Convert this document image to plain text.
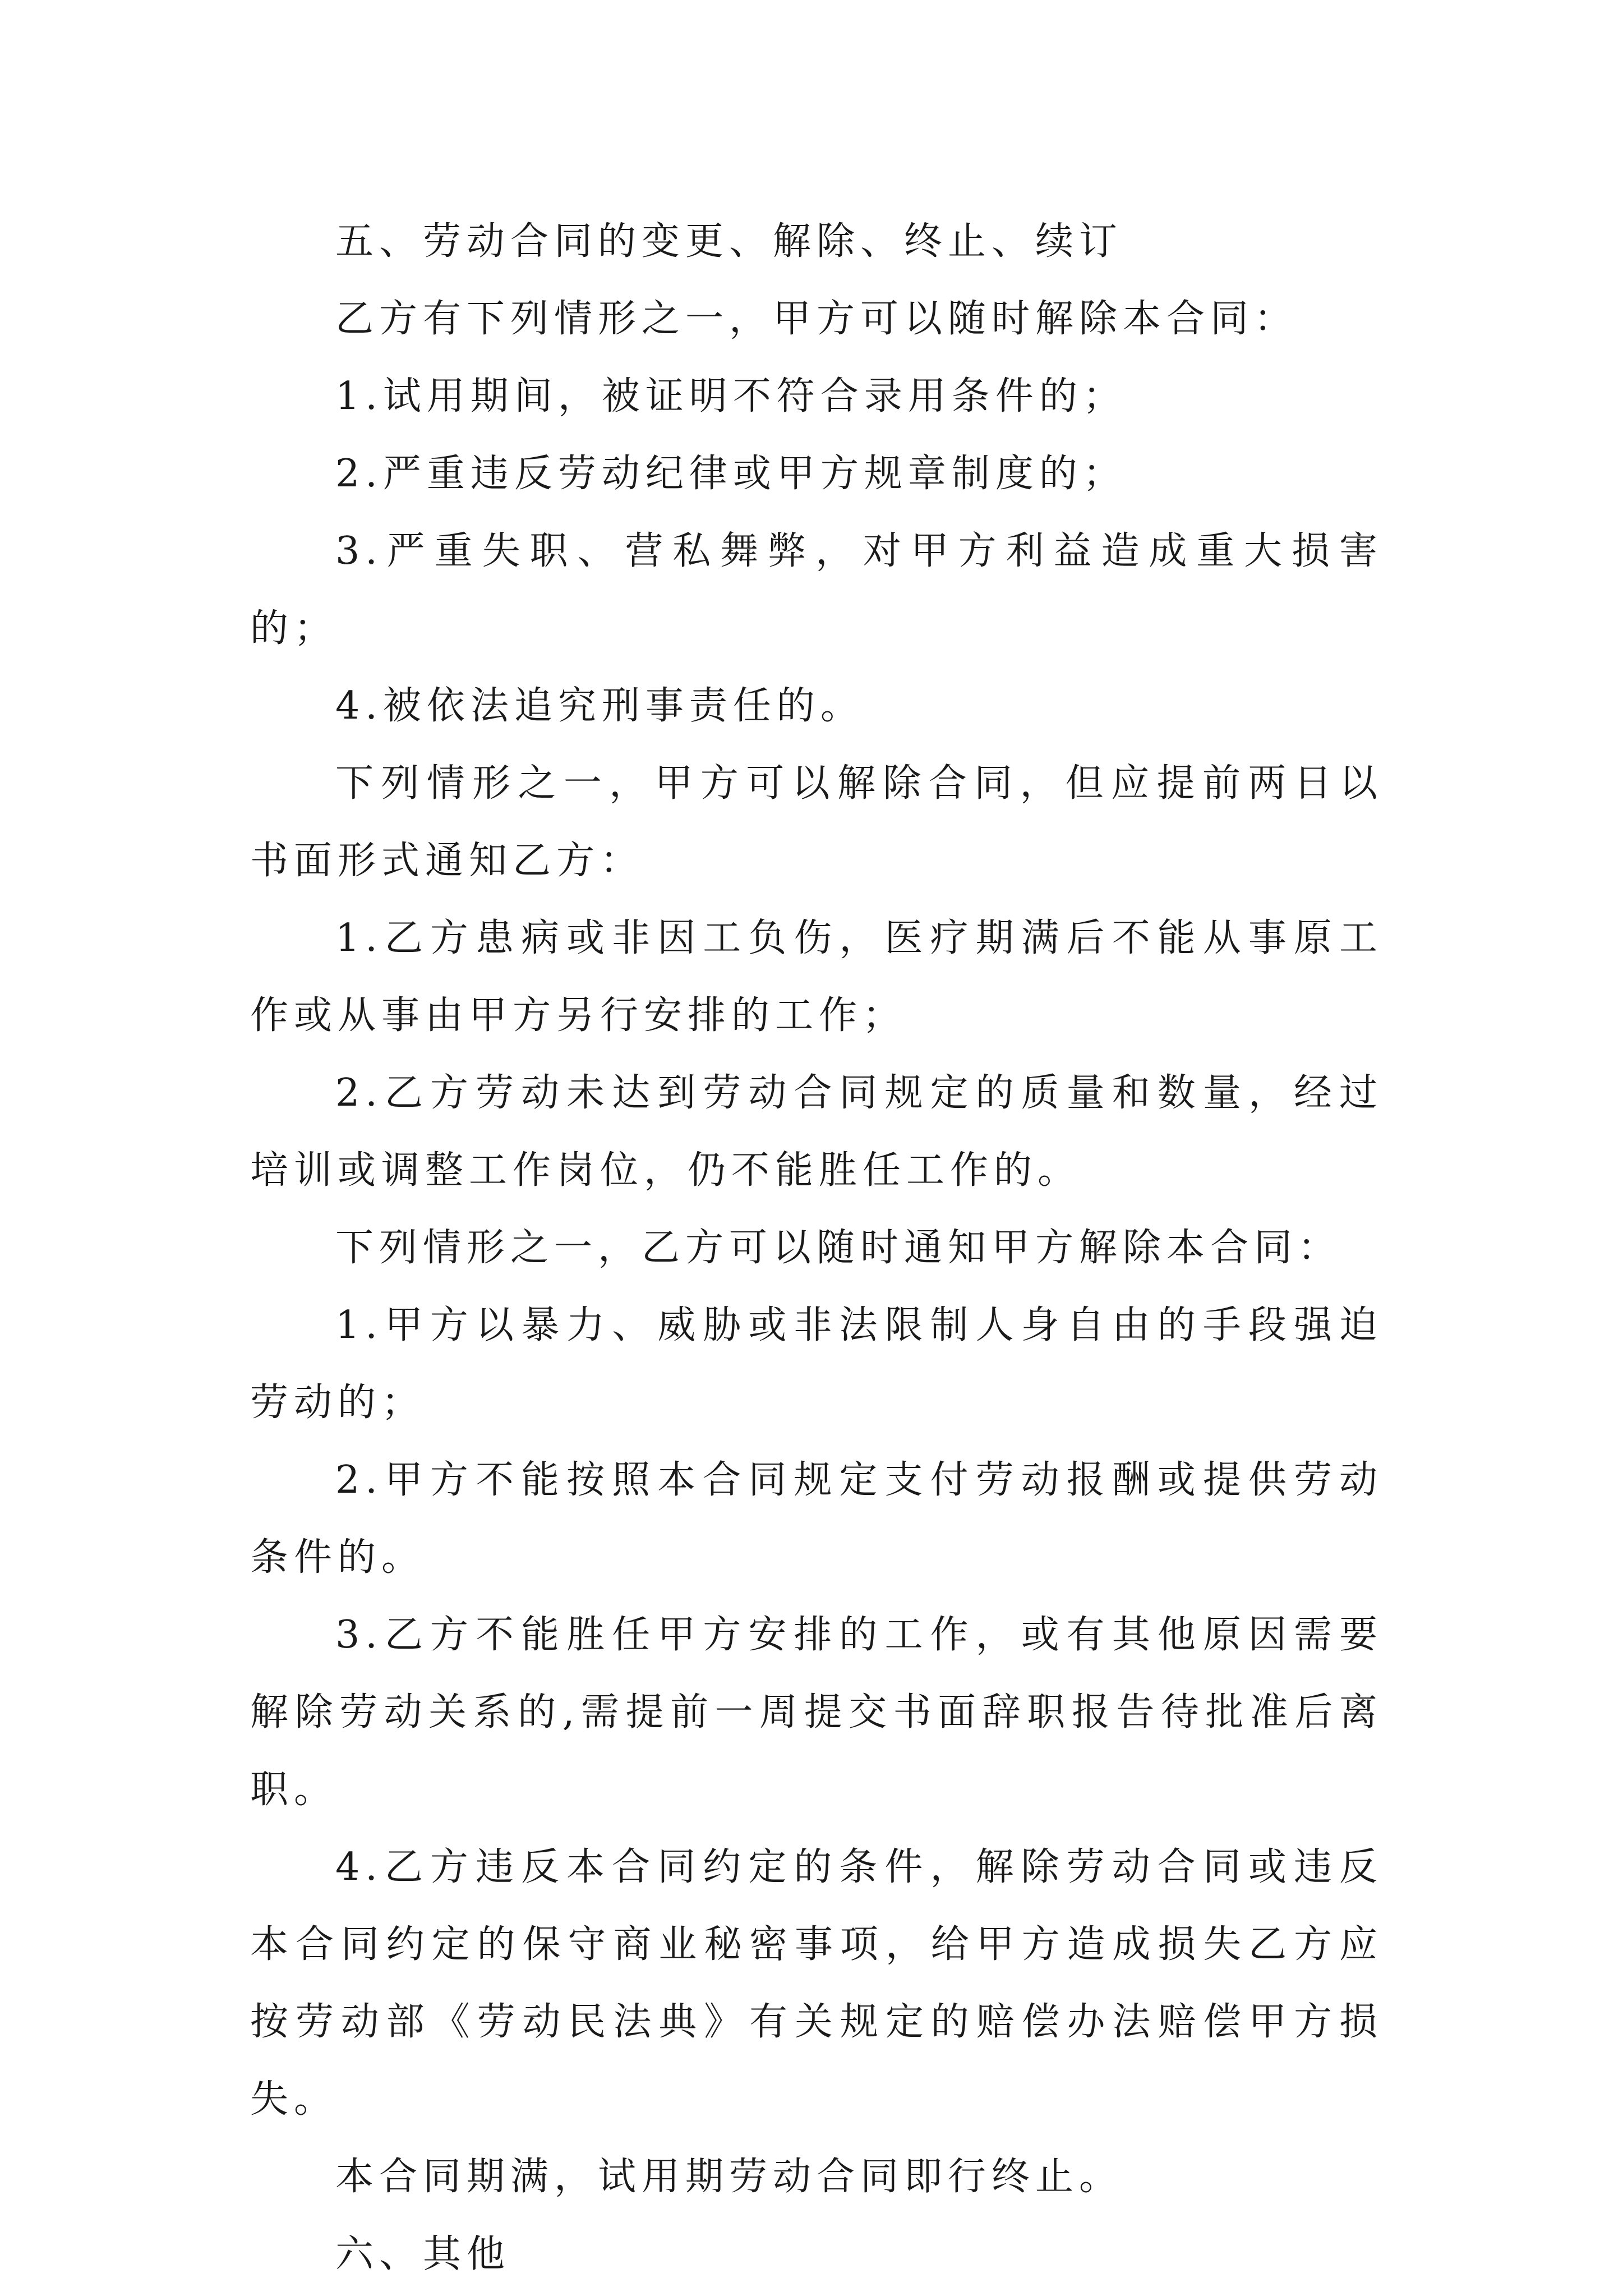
五、劳动合同的变更、解除、终止、续订

乙方有下列情形之一，甲方可以随时解除本合同：

1.试用期间，被证明不符合录用条件的；

2.严重违反劳动纪律或甲方规章制度的；

3.严重失职、营私舞弊，对甲方利益造成重大损害的；

4.被依法追究刑事责任的。

下列情形之一，甲方可以解除合同，但应提前两日以书面形式通知乙方：

1.乙方患病或非因工负伤，医疗期满后不能从事原工作或从事由甲方另行安排的工作；

2.乙方劳动未达到劳动合同规定的质量和数量，经过培训或调整工作岗位，仍不能胜任工作的。

下列情形之一，乙方可以随时通知甲方解除本合同：

1.甲方以暴力、威胁或非法限制人身自由的手段强迫劳动的；

2.甲方不能按照本合同规定支付劳动报酬或提供劳动条件的。

3.乙方不能胜任甲方安排的工作，或有其他原因需要解除劳动关系的,需提前一周提交书面辞职报告待批准后离职。

4.乙方违反本合同约定的条件，解除劳动合同或违反本合同约定的保守商业秘密事项，给甲方造成损失乙方应按劳动部《劳动民法典》有关规定的赔偿办法赔偿甲方损失。

本合同期满，试用期劳动合同即行终止。

六、其他
